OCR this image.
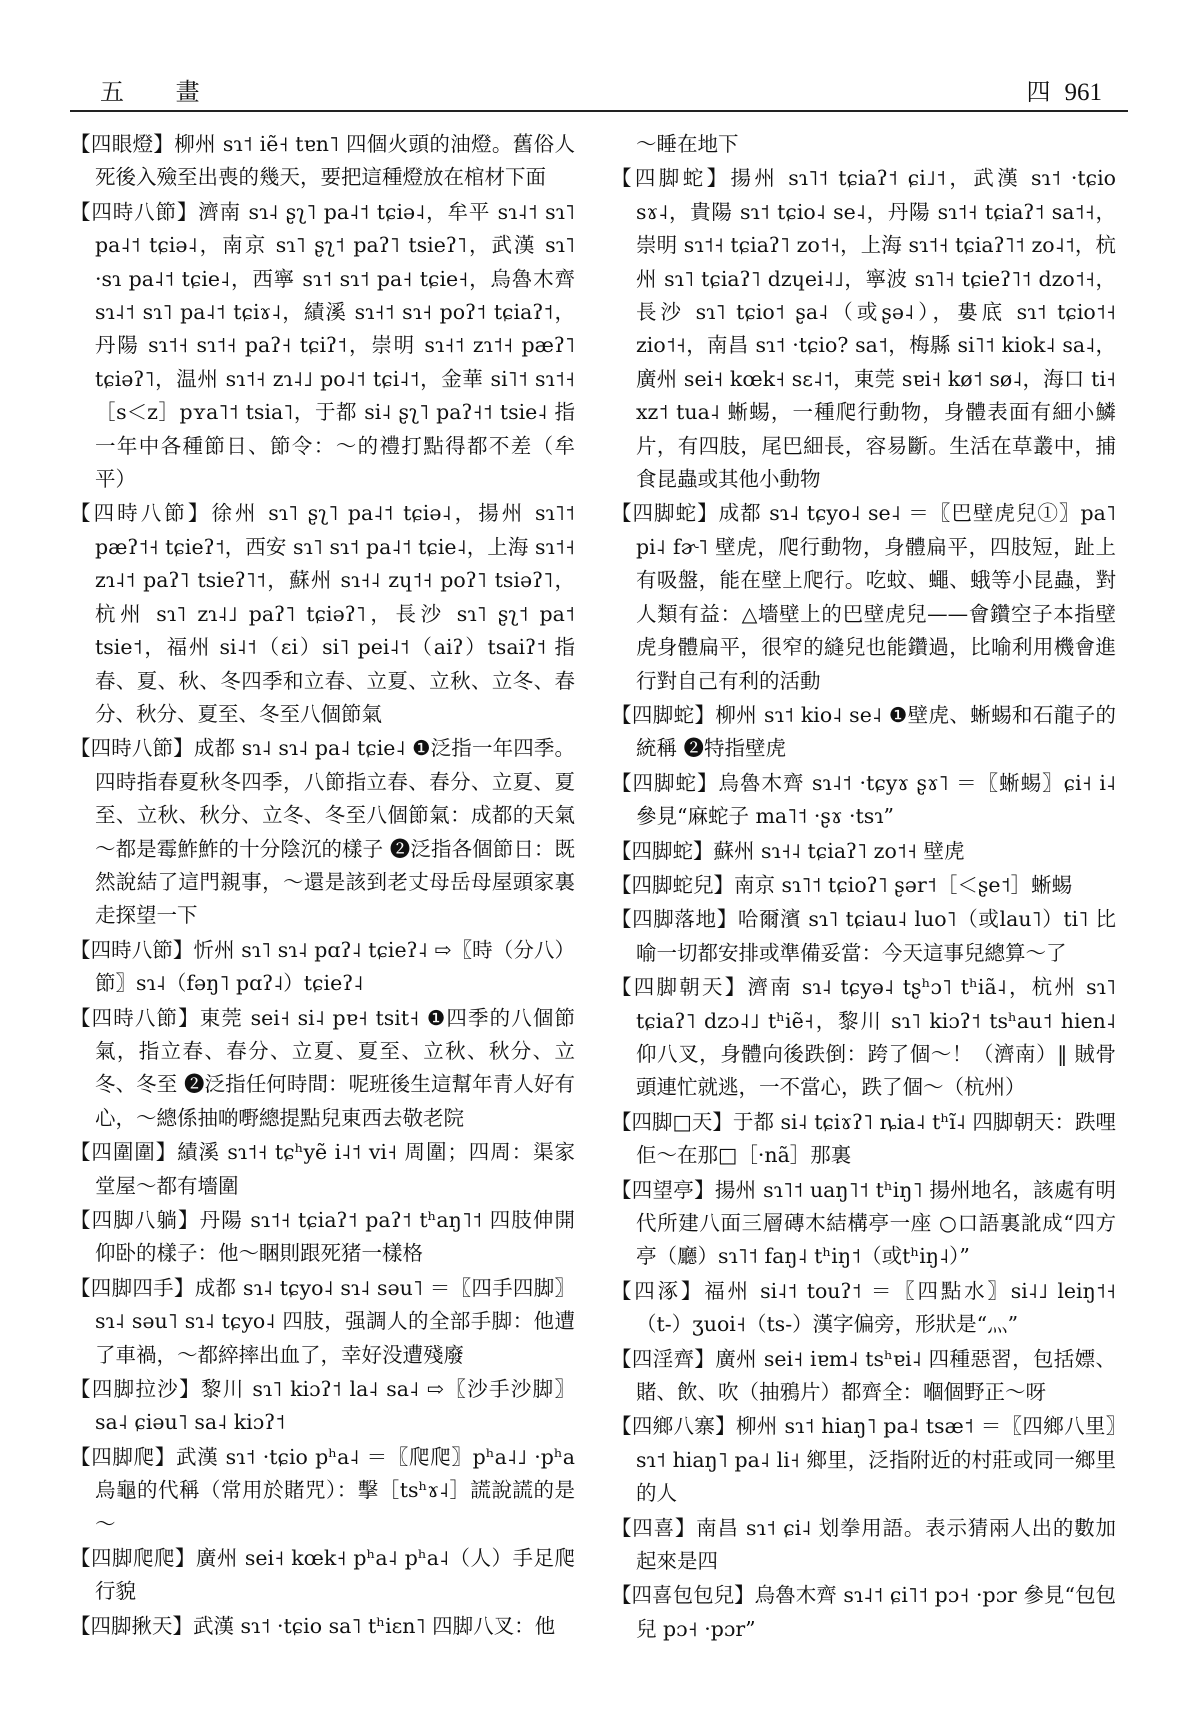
五 畫	四 961

【四眼燈】柳州 sɿ˦ iẽ˧ tɐn˥ 四個火頭的油燈。舊俗人死後入殮至出喪的幾天，要把這種燈放在棺材下面

【四時八節】濟南 sɿ˨ ʂʅ˥ pa˨˦ tɕiə˨，牟平 sɿ˨˦ sɿ˥ pa˨˦ tɕiə˨，南京 sɿ˥ ʂʅ˦ paʔ˥ tsieʔ˥，武漢 sɿ˥ ·sɿ pa˨˦ tɕie˨，西寧 sɿ˦ sɿ˦ pa˧ tɕie˧，烏魯木齊 sɿ˨˦ sɿ˥ pa˨˦ tɕiɤ˨，績溪 sɿ˧˦ sɿ˧ poʔ˦ tɕiaʔ˦，丹陽 sɿ˦˧ sɿ˦˧ paʔ˧ tɕiʔ˦，崇明 sɿ˧˦ zɿ˦˧ pæʔ˥ tɕiəʔ˥，温州 sɿ˦˧ zɿ˨˩ po˨˦ tɕi˨˦，金華 si˥˦ sɿ˦˧［s＜z］pʏa˥˦ tsia˥，于都 si˨ ʂʅ˥ paʔ˧˦ tsie˨ 指一年中各種節日、節令：～的禮打點得都不差（牟平）

【四時八節】徐州 sɿ˥ ʂʅ˥ pa˨˦ tɕiə˨，揚州 sɿ˥˦ pæʔ˦˧ tɕieʔ˦，西安 sɿ˥ sɿ˦ pa˨˦ tɕie˨，上海 sɿ˦˧ zɿ˨˦ paʔ˥ tsieʔ˥˦，蘇州 sɿ˧˨ zɥ˦˧ poʔ˥ tsiəʔ˥，杭州 sɿ˥ zɿ˨˩ paʔ˥ tɕiəʔ˥，長沙 sɿ˥ ʂʅ˦ pa˦ tsie˦，福州 si˨˦（ɛi）si˥ pei˨˦（aiʔ）tsaiʔ˦ 指春、夏、秋、冬四季和立春、立夏、立秋、立冬、春分、秋分、夏至、冬至八個節氣

【四時八節】成都 sɿ˨ sɿ˨ pa˨ tɕie˨ ❶泛指一年四季。四時指春夏秋冬四季，八節指立春、春分、立夏、夏至、立秋、秋分、立冬、冬至八個節氣：成都的天氣～都是霉鮓鮓的十分陰沉的樣子 ❷泛指各個節日：既然說結了這門親事，～還是該到老丈母岳母屋頭家裏走探望一下

【四時八節】忻州 sɿ˥ sɿ˨ pɑʔ˨ tɕieʔ˨ ⇨〖時（分八）節〗sɿ˨（fəŋ˥ pɑʔ˨）tɕieʔ˨

【四時八節】東莞 sei˧ si˨ pɐ˧ tsit˧ ❶四季的八個節氣，指立春、春分、立夏、夏至、立秋、秋分、立冬、冬至 ❷泛指任何時間：呢班後生這幫年青人好有心，～總係抽啲嘢總提點兒東西去敬老院

【四圍圍】績溪 sɿ˦˧ tɕʰyẽ i˨˦ vi˧ 周圍；四周：渠家堂屋～都有墻圍

【四脚八躺】丹陽 sɿ˦˧ tɕiaʔ˦ paʔ˦ tʰaŋ˥˦ 四肢伸開仰卧的樣子：他～睏則跟死猪一樣格

【四脚四手】成都 sɿ˨ tɕyo˨ sɿ˨ səu˥ ＝〖四手四脚〗sɿ˨ səu˥ sɿ˨ tɕyo˨ 四肢，强調人的全部手脚：他遭了車禍，～都綷摔出血了，幸好没遭殘廢

【四脚拉沙】黎川 sɿ˥ kiɔʔ˦ la˨ sa˨ ⇨〖沙手沙脚〗sa˨ ɕiəu˥ sa˨ kiɔʔ˦

【四脚爬】武漢 sɿ˦ ·tɕio pʰa˨ ＝〖爬爬〗pʰa˨˩ ·pʰa 烏龜的代稱（常用於賭咒）：擊［tsʰɤ˨］謊說謊的是～

【四脚爬爬】廣州 sei˧ kœk˧ pʰa˨ pʰa˨（人）手足爬行貌

【四脚揪天】武漢 sɿ˦ ·tɕio sa˥ tʰiɛn˥ 四脚八叉：他

～睡在地下

【四脚蛇】揚州 sɿ˥˦ tɕiaʔ˦ ɕi˩˦，武漢 sɿ˦ ·tɕio sɤ˨，貴陽 sɿ˦ tɕio˨ se˨，丹陽 sɿ˦˧ tɕiaʔ˦ sa˦˧，崇明 sɿ˦˧ tɕiaʔ˥ zo˦˧，上海 sɿ˦˧ tɕiaʔ˥˦ zo˨˦，杭州 sɿ˥ tɕiaʔ˥ dzɥei˨˩，寧波 sɿ˥˧ tɕieʔ˥˦ dzo˦˧，長沙 sɿ˥ tɕio˦ ʂa˨（或ʂə˨），婁底 sɿ˦ tɕio˦˧ zio˦˧，南昌 sɿ˦ ·tɕio? sa˦，梅縣 si˥˦ kiok˨ sa˨，廣州 sei˧ kœk˧ sɛ˨˦，東莞 sɐi˧ kø˦ sø˨，海口 ti˧ xz˦ tua˨ 蜥蜴，一種爬行動物，身體表面有細小鱗片，有四肢，尾巴細長，容易斷。生活在草叢中，捕食昆蟲或其他小動物

【四脚蛇】成都 sɿ˨ tɕyo˨ se˨ ＝〖巴壁虎兒①〗pa˥ pi˨ fɚ˥ 壁虎，爬行動物，身體扁平，四肢短，趾上有吸盤，能在壁上爬行。吃蚊、蠅、蛾等小昆蟲，對人類有益：△墻壁上的巴壁虎兒——會鑽空子本指壁虎身體扁平，很窄的縫兒也能鑽過，比喻利用機會進行對自己有利的活動

【四脚蛇】柳州 sɿ˦ kio˨ se˨ ❶壁虎、蜥蜴和石龍子的統稱 ❷特指壁虎

【四脚蛇】烏魯木齊 sɿ˨˦ ·tɕyɤ ʂɤ˥ ＝〖蜥蜴〗ɕi˧ i˨ 參見“麻蛇子 ma˥˦ ·ʂɤ ·tsɿ”

【四脚蛇】蘇州 sɿ˧˨ tɕiaʔ˥ zo˦˧ 壁虎

【四脚蛇兒】南京 sɿ˥˦ tɕioʔ˥ ʂər˦［＜ʂe˦］蜥蜴

【四脚落地】哈爾濱 sɿ˥ tɕiau˨ luo˥（或lau˥）ti˥ 比喻一切都安排或準備妥當：今天這事兒總算～了

【四脚朝天】濟南 sɿ˨ tɕyə˨ tʂʰɔ˥ tʰiã˨，杭州 sɿ˥ tɕiaʔ˥ dzɔ˨˩ tʰiẽ˧，黎川 sɿ˥ kiɔʔ˦ tsʰau˦ hien˨ 仰八叉，身體向後跌倒：跨了個～！（濟南）‖ 賊骨頭連忙就逃，一不當心，跌了個～（杭州）

【四脚□天】于都 si˨ tɕiɤʔ˥ ȵia˨ tʰĩ˨ 四脚朝天：跌哩佢～在那□［·nã］那裏

【四望亭】揚州 sɿ˥˦ uaŋ˥˦ tʰiŋ˥ 揚州地名，該處有明代所建八面三層磚木結構亭一座 ○口語裏訛成“四方亭（廳）sɿ˥˦ faŋ˨ tʰiŋ˦（或tʰiŋ˨）”

【四涿】福州 si˨˦ touʔ˦ ＝〖四點水〗si˨˩ leiŋ˦˧（t-）ʒuoi˧（ts-）漢字偏旁，形狀是“灬”

【四淫齊】廣州 sei˧ iɐm˨ tsʰɐi˨ 四種惡習，包括嫖、賭、飲、吹（抽鴉片）都齊全：嗰個野正～呀

【四鄉八寨】柳州 sɿ˦ hiaŋ˥ pa˨ tsæ˦ ＝〖四鄉八里〗sɿ˦ hiaŋ˥ pa˨ li˧ 鄉里，泛指附近的村莊或同一鄉里的人

【四喜】南昌 sɿ˦ ɕi˨ 划拳用語。表示猜兩人出的數加起來是四

【四喜包包兒】烏魯木齊 sɿ˨˦ ɕi˥˦ pɔ˧ ·pɔr 參見“包包兒 pɔ˧ ·pɔr”
